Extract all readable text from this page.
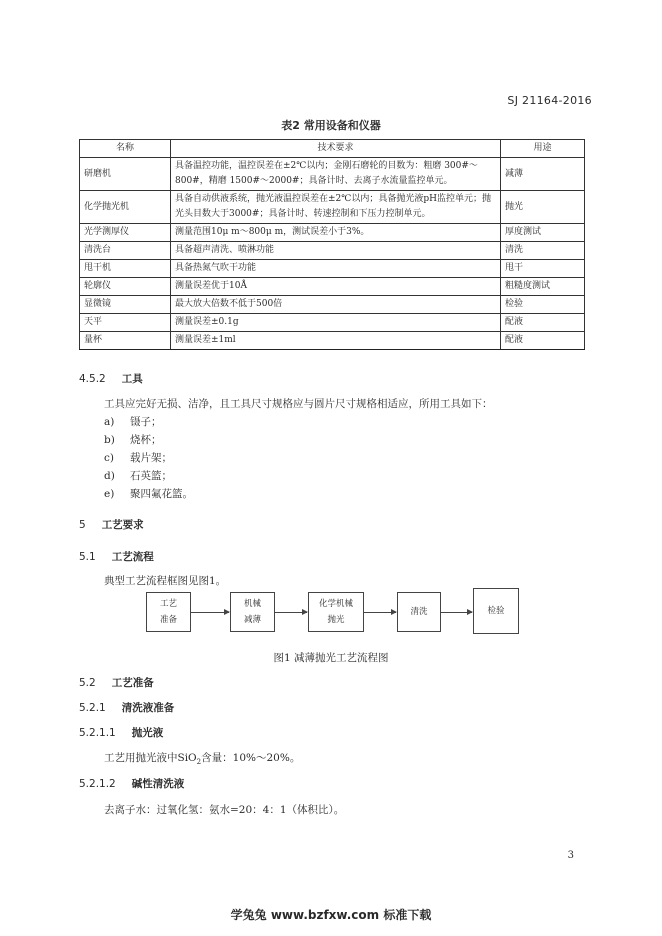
SJ 21164-2016
表2 常用设备和仪器
名称	技术要求	用途
研磨机	具备温控功能，温控误差在±2℃以内；金刚石磨轮的目数为：粗磨 300#～800#，精磨 1500#～2000#；具备计时、去离子水流量监控单元。	减薄
化学抛光机	具备自动供液系统，抛光液温控误差在±2℃以内；具备抛光液pH监控单元；抛光头目数大于3000#；具备计时、转速控制和下压力控制单元。	抛光
光学测厚仪	测量范围10μ m～800μ m，测试误差小于3%。	厚度测试
清洗台	具备超声清洗、喷淋功能	清洗
甩干机	具备热氮气吹干功能	甩干
轮廓仪	测量误差优于10Å	粗糙度测试
显微镜	最大放大倍数不低于500倍	检验
天平	测量误差±0.1g	配液
量杯	测量误差±1ml	配液
4.5.2 工具
工具应完好无损、洁净，且工具尺寸规格应与圆片尺寸规格相适应，所用工具如下：
a) 镊子；
b) 烧杯；
c) 载片架；
d) 石英篮；
e) 聚四氟花篮。
5 工艺要求
5.1 工艺流程
典型工艺流程框图见图1。
工艺
准备
机械
减薄
化学机械
抛光
清洗	检验
图1 减薄抛光工艺流程图
5.2 工艺准备
5.2.1 清洗液准备
5.2.1.1 抛光液
工艺用抛光液中SiO$_2$含量：10%～20%。
5.2.1.2 碱性清洗液
去离子水：过氧化氢：氨水=20：4：1（体积比）。
3
学兔兔 www.bzfxw.com 标准下载
